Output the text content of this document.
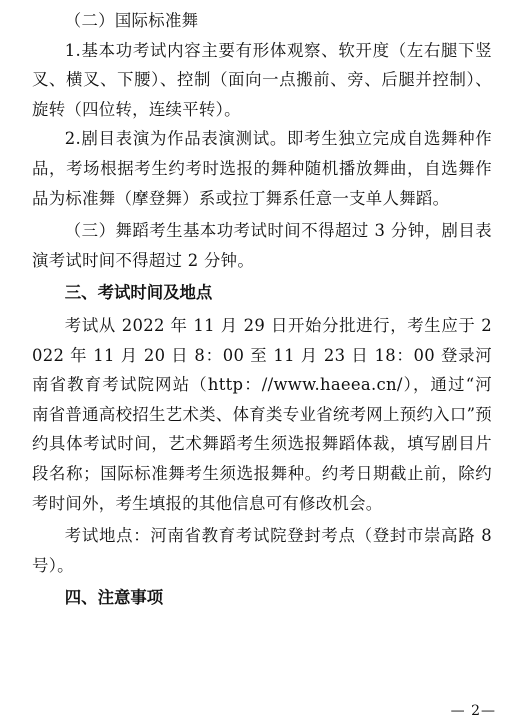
（二）国际标准舞

1.基本功考试内容主要有形体观察、软开度（左右腿下竖叉、横叉、下腰）、控制（面向一点搬前、旁、后腿并控制）、旋转（四位转，连续平转）。

2.剧目表演为作品表演测试。即考生独立完成自选舞种作品，考场根据考生约考时选报的舞种随机播放舞曲，自选舞作品为标准舞（摩登舞）系或拉丁舞系任意一支单人舞蹈。

（三）舞蹈考生基本功考试时间不得超过 3 分钟，剧目表演考试时间不得超过 2 分钟。

三、考试时间及地点

考试从 2022 年 11 月 29 日开始分批进行，考生应于 2022 年 11 月 20 日 8：00 至 11 月 23 日 18：00 登录河南省教育考试院网站（http：//www.haeea.cn/），通过“河南省普通高校招生艺术类、体育类专业省统考网上预约入口”预约具体考试时间，艺术舞蹈考生须选报舞蹈体裁，填写剧目片段名称；国际标准舞考生须选报舞种。约考日期截止前，除约考时间外，考生填报的其他信息可有修改机会。

考试地点：河南省教育考试院登封考点（登封市崇高路 8 号）。

四、注意事项

— 2—
